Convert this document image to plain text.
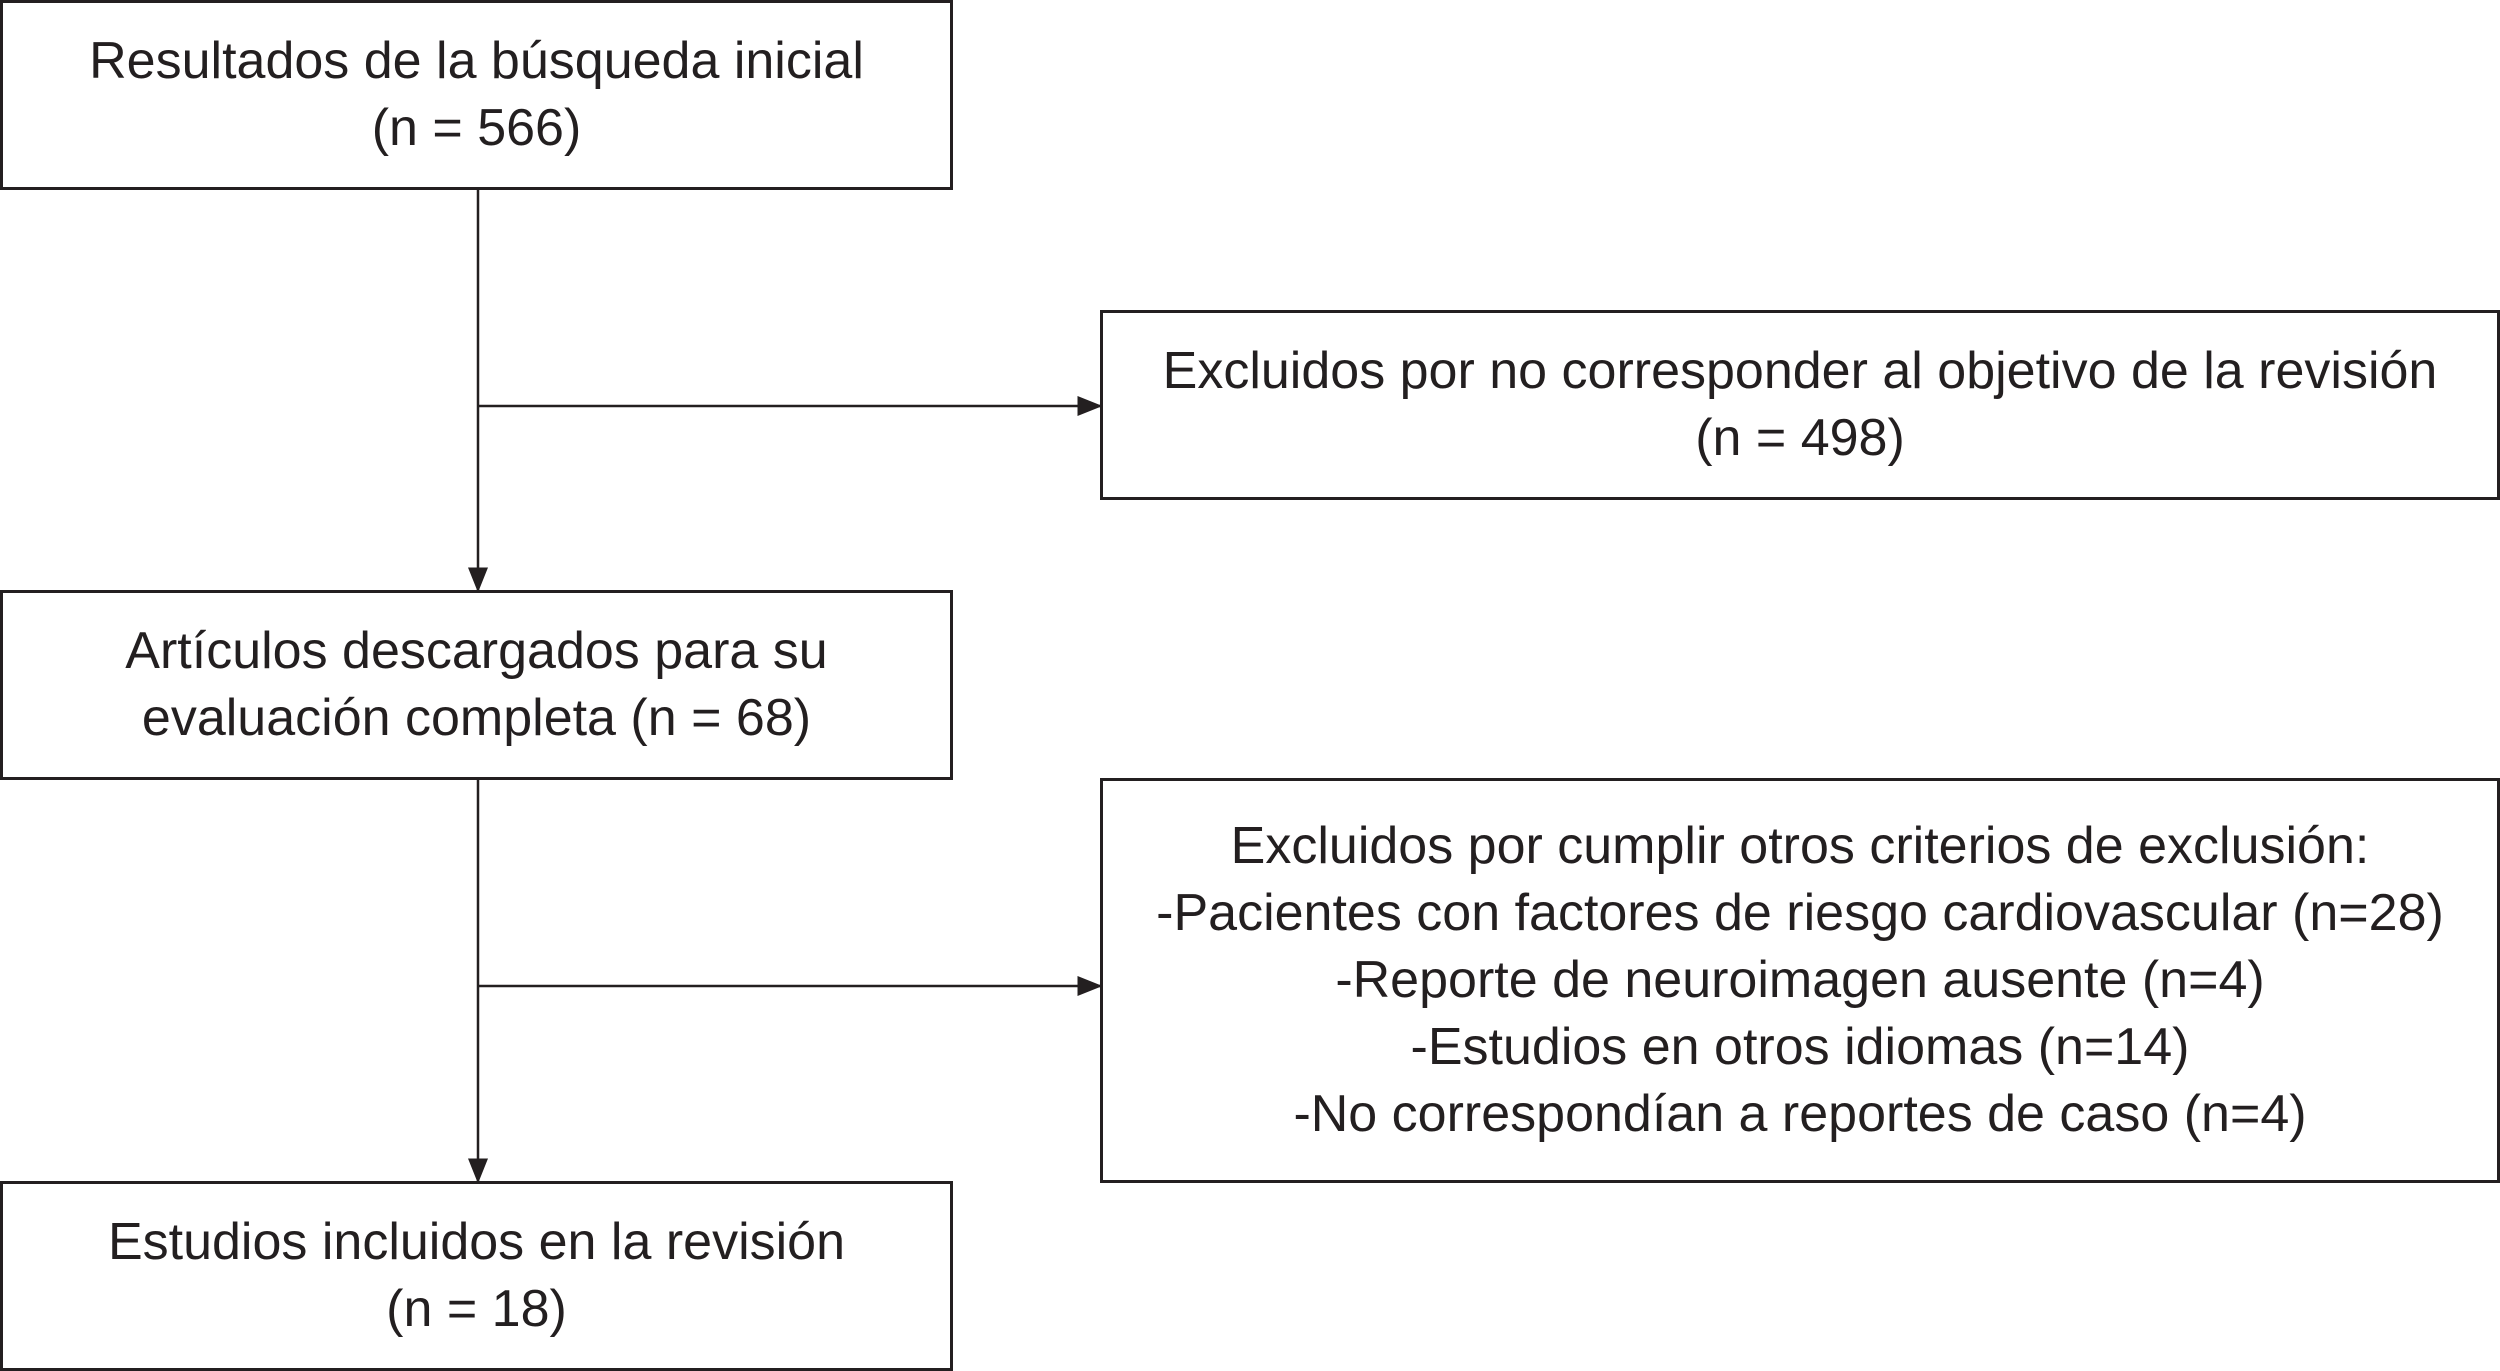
Resultados de la búsqueda inicial
(n = 566)
Excluidos por no corresponder al objetivo de la revisión
(n = 498)
Artículos descargados para su
evaluación completa (n = 68)
Excluidos por cumplir otros criterios de exclusión:
-Pacientes con factores de riesgo cardiovascular (n=28)
-Reporte de neuroimagen ausente (n=4)
-Estudios en otros idiomas (n=14)
-No correspondían a reportes de caso (n=4)
Estudios incluidos en la revisión
(n = 18)
